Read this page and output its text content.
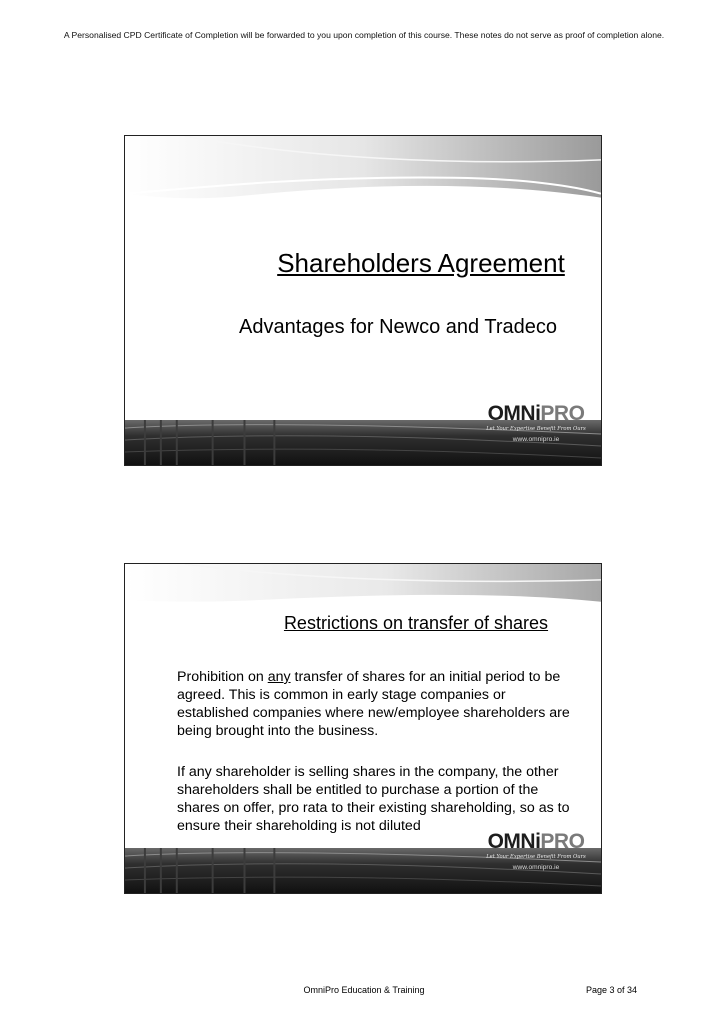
A Personalised CPD Certificate of Completion will be forwarded to you upon completion of this course. These notes do not serve as proof of completion alone.
Shareholders Agreement
Advantages for Newco and Tradeco
OMNiPRO
Let Your Expertise Benefit From Ours
www.omnipro.ie
Restrictions on transfer of shares
Prohibition on any transfer of shares for an initial period to be agreed. This is common in early stage companies or established companies where new/employee shareholders are being brought into the business.
If any shareholder is selling shares in the company, the other shareholders shall be entitled to purchase a portion of the shares on offer, pro rata to their existing shareholding, so as to ensure their shareholding is not diluted
OMNiPRO
Let Your Expertise Benefit From Ours
www.omnipro.ie
OmniPro Education & Training	Page 3 of 34
